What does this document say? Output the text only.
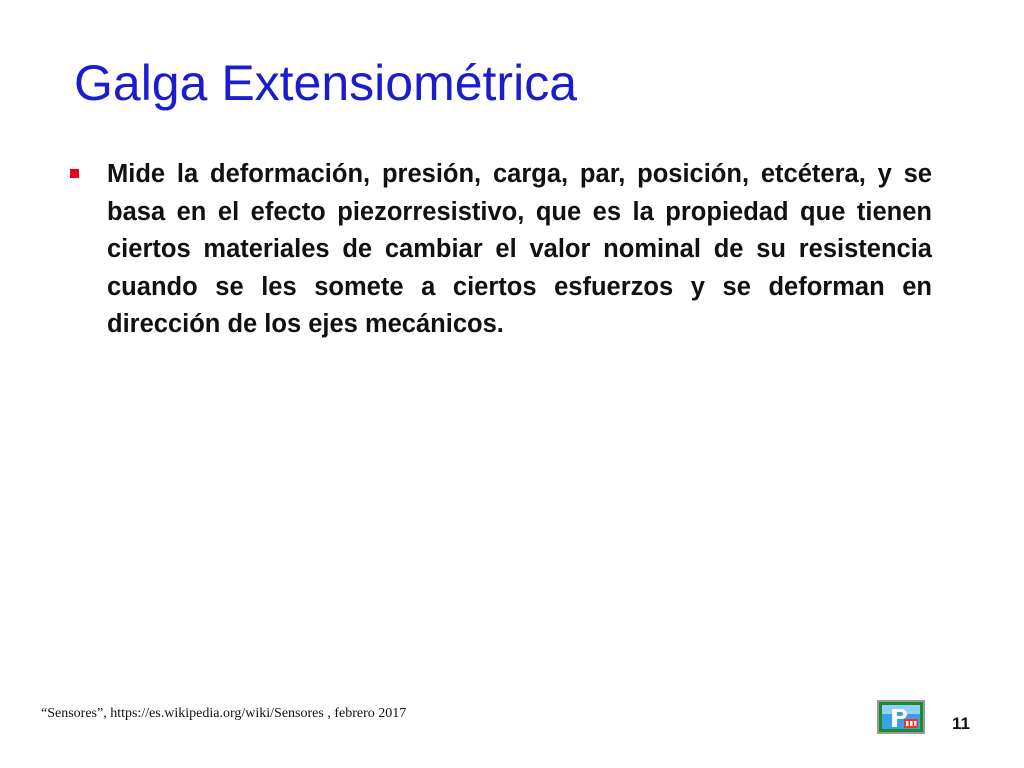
Galga Extensiométrica

Mide la deformación, presión, carga, par, posición, etcétera, y se basa en el efecto piezorresistivo, que es la propiedad que tienen ciertos materiales de cambiar el valor nominal de su resistencia cuando se les somete a ciertos esfuerzos y se deforman en dirección de los ejes mecánicos.

“Sensores”, https://es.wikipedia.org/wiki/Sensores , febrero 2017
11
